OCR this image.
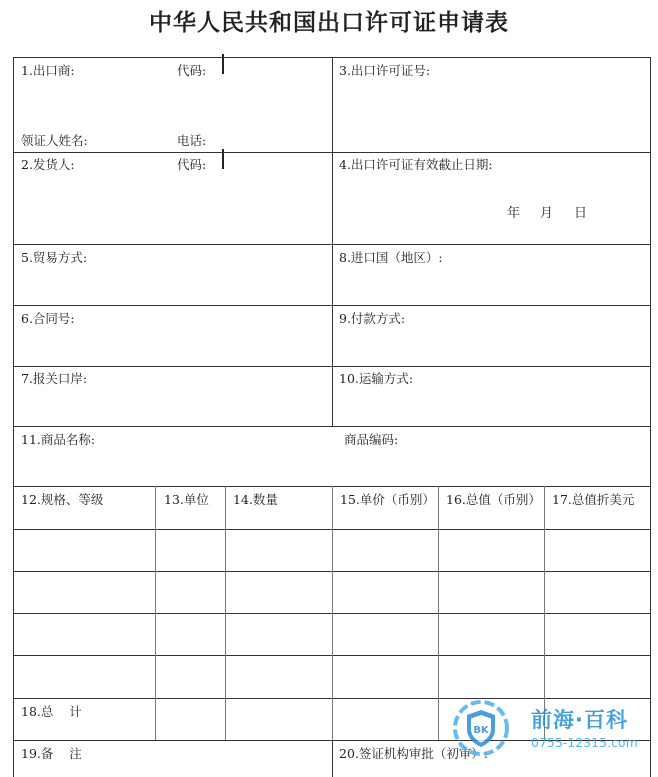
中华人民共和国出口许可证申请表
1.出口商:	代码:
领证人姓名:	电话:
3.出口许可证号:
2.发货人:	代码:	4.出口许可证有效截止日期:
年 月 日
5.贸易方式:	8.进口国（地区）:
6.合同号:	9.付款方式:
7.报关口岸:	10.运输方式:
11.商品名称:	商品编码:
12.规格、等级	13.单位 14.数量	15.单价（币别） 16.总值（币别） 17.总值折美元
18.总    计
19.备    注	20.签证机构审批（初审）:
BK 前海·百科
0755-12315.com
